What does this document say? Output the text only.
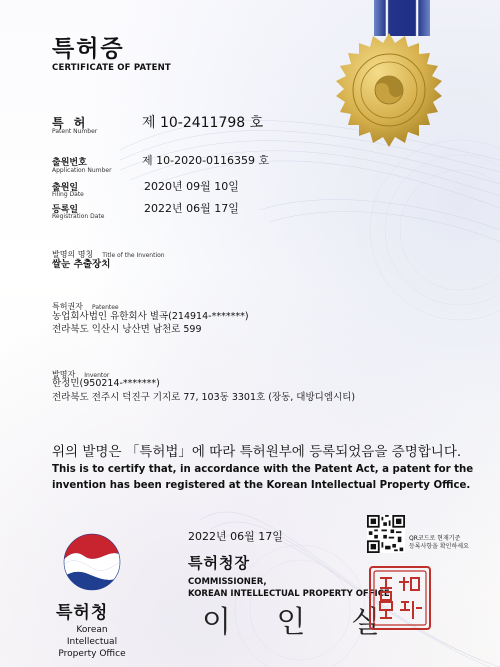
특허증
CERTIFICATE OF PATENT
특 허
Patent Number
제 10-2411798 호
출원번호
Application Number
제 10-2020-0116359 호
출원일
Filing Date
2020년 09월 10일
등록일
Registration Date
2022년 06월 17일
발명의 명칭 Title of the Invention
쌀눈 추출장치
특허권자 Patentee
농업회사법인 유한회사 별곡(214914-*******)
전라북도 익산시 낭산면 남천로 599
발명자 Inventor
한정민(950214-*******)
전라북도 전주시 덕진구 기지로 77, 103동 3301호 (장동, 대방디엠시티)
위의 발명은 「특허법」에 따라 특허원부에 등록되었음을 증명합니다.
This is to certify that, in accordance with the Patent Act, a patent for the
invention has been registered at the Korean Intellectual Property Office.
2022년 06월 17일	QR코드로 현재기준
등록사항을 확인하세요
특허청장
COMMISSIONER,
KOREAN INTELLECTUAL PROPERTY OFFICE
이 인 실
특허청
Korean Intellectual
Property Office
